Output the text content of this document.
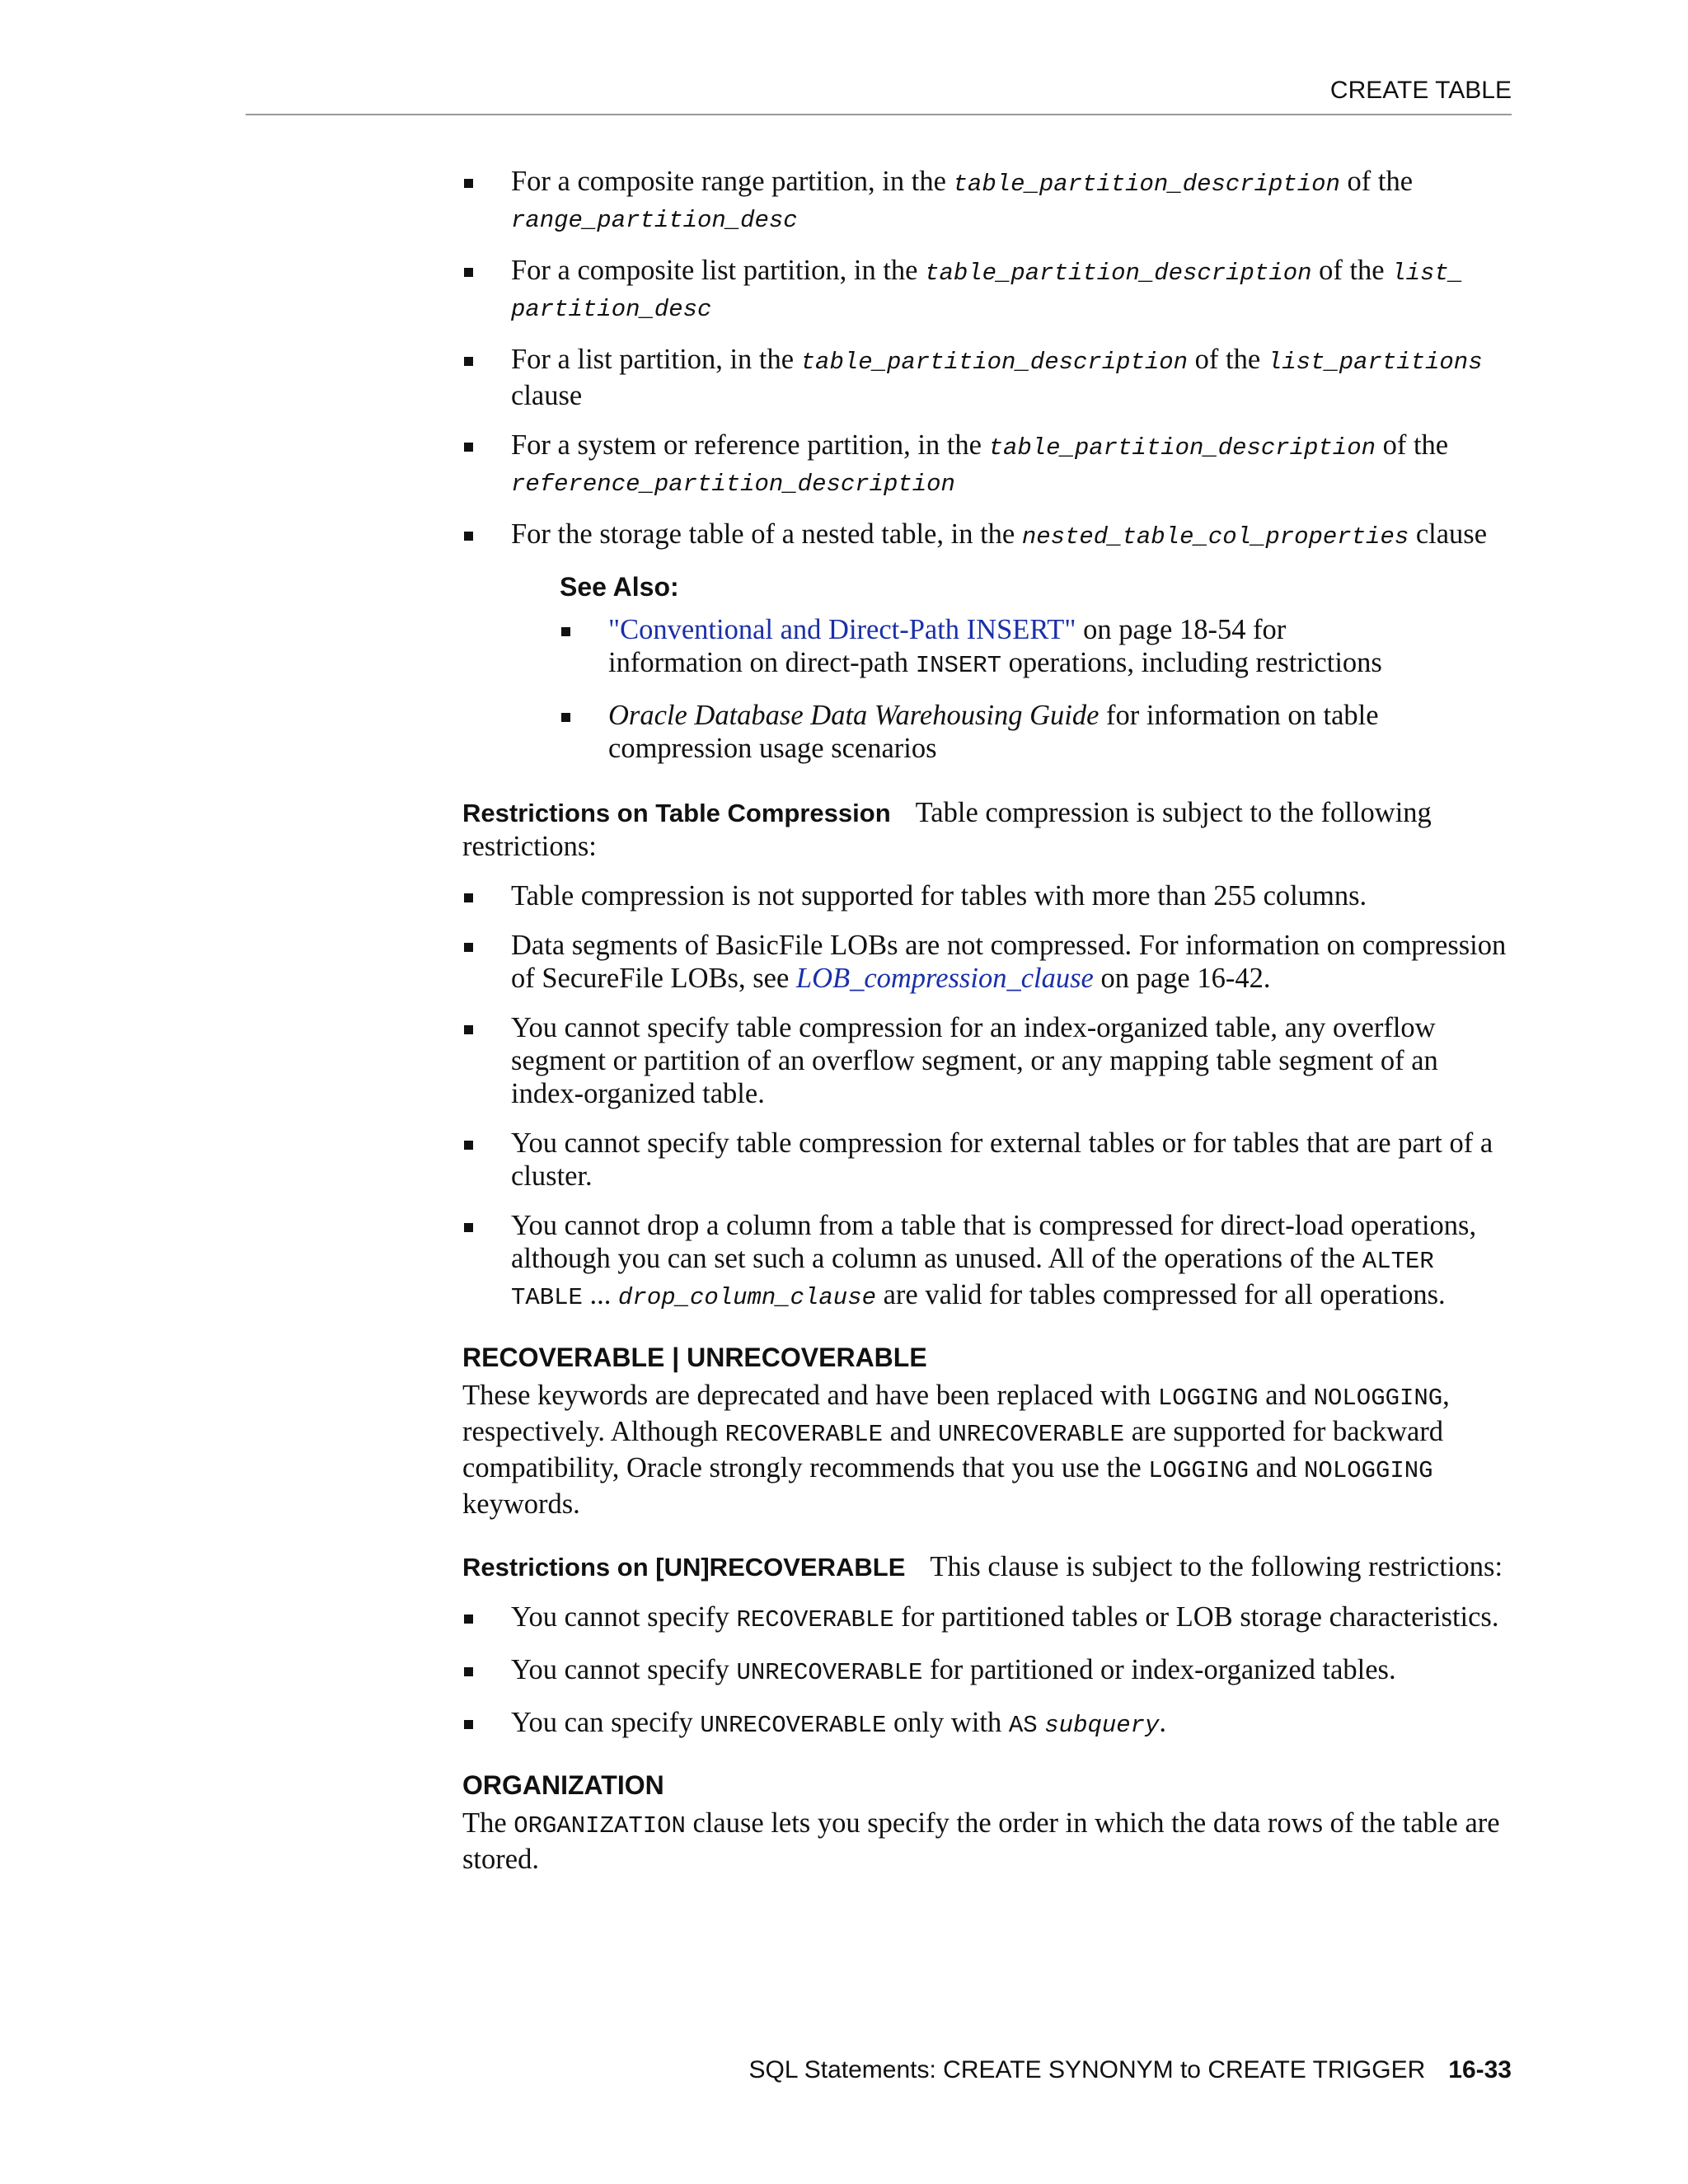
CREATE TABLE
For a composite range partition, in the table_partition_description of the range_partition_desc
For a composite list partition, in the table_partition_description of the list_ partition_desc
For a list partition, in the table_partition_description of the list_partitions clause
For a system or reference partition, in the table_partition_description of the reference_partition_description
For the storage table of a nested table, in the nested_table_col_properties clause
See Also:
"Conventional and Direct-Path INSERT" on page 18-54 for information on direct-path INSERT operations, including restrictions
Oracle Database Data Warehousing Guide for information on table compression usage scenarios

Restrictions on Table Compression Table compression is subject to the following restrictions:

Table compression is not supported for tables with more than 255 columns.
Data segments of BasicFile LOBs are not compressed. For information on compression of SecureFile LOBs, see LOB_compression_clause on page 16-42.
You cannot specify table compression for an index-organized table, any overflow segment or partition of an overflow segment, or any mapping table segment of an index-organized table.
You cannot specify table compression for external tables or for tables that are part of a cluster.
You cannot drop a column from a table that is compressed for direct-load operations, although you can set such a column as unused. All of the operations of the ALTER TABLE ... drop_column_clause are valid for tables compressed for all operations.
RECOVERABLE | UNRECOVERABLE

These keywords are deprecated and have been replaced with LOGGING and NOLOGGING, respectively. Although RECOVERABLE and UNRECOVERABLE are supported for backward compatibility, Oracle strongly recommends that you use the LOGGING and NOLOGGING keywords.

Restrictions on [UN]RECOVERABLE This clause is subject to the following restrictions:

You cannot specify RECOVERABLE for partitioned tables or LOB storage characteristics.
You cannot specify UNRECOVERABLE for partitioned or index-organized tables.
You can specify UNRECOVERABLE only with AS subquery.
ORGANIZATION

The ORGANIZATION clause lets you specify the order in which the data rows of the table are stored.

SQL Statements: CREATE SYNONYM to CREATE TRIGGER 16-33
